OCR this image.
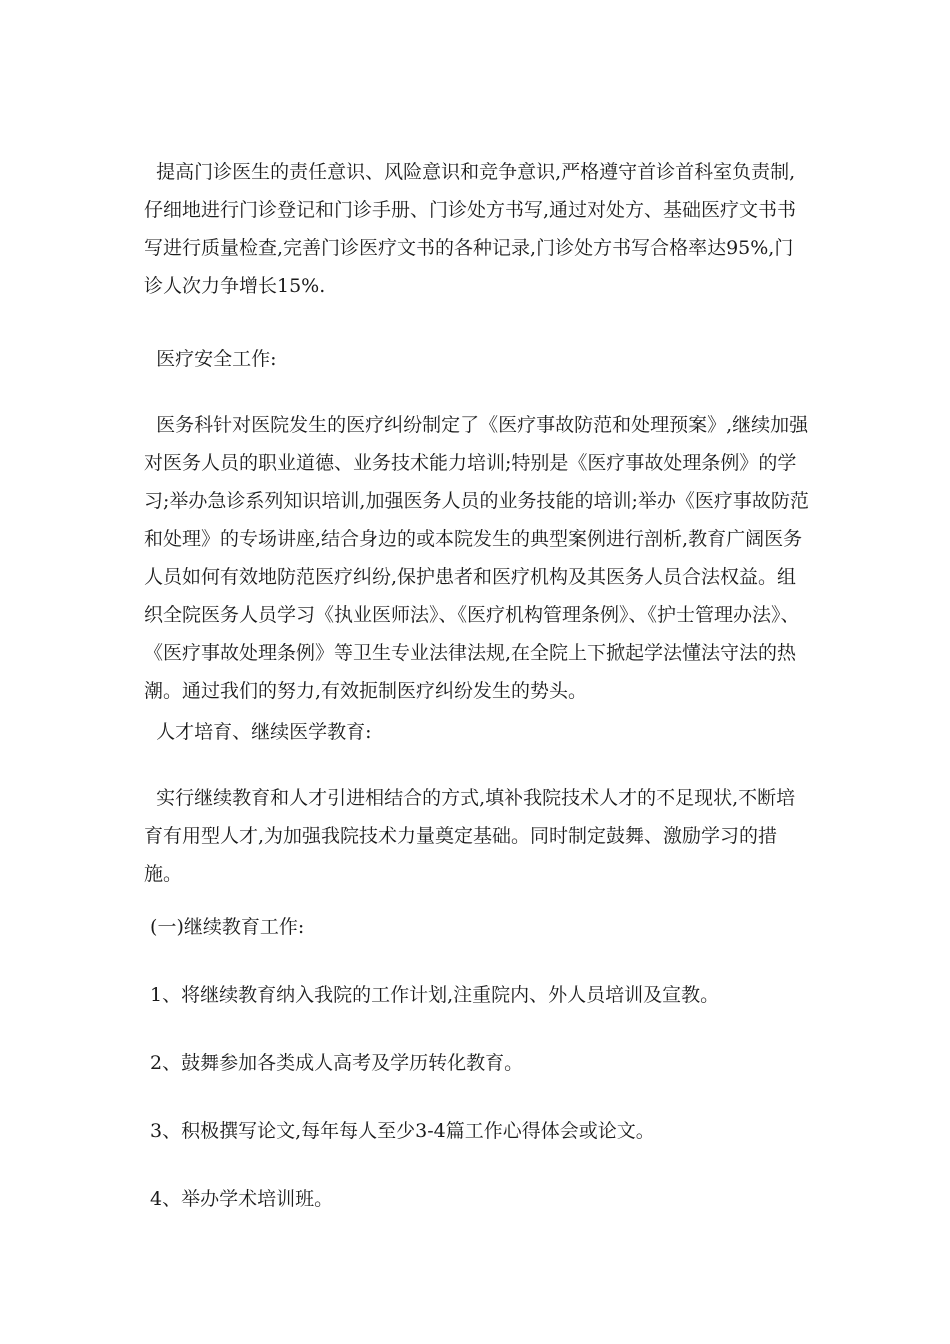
提高门诊医生的责任意识、风险意识和竞争意识,严格遵守首诊首科室负责制,仔细地进行门诊登记和门诊手册、门诊处方书写,通过对处方、基础医疗文书书写进行质量检查,完善门诊医疗文书的各种记录,门诊处方书写合格率达95%,门诊人次力争增长15%.

医疗安全工作:

医务科针对医院发生的医疗纠纷制定了《医疗事故防范和处理预案》,继续加强对医务人员的职业道德、业务技术能力培训;特别是《医疗事故处理条例》的学习;举办急诊系列知识培训,加强医务人员的业务技能的培训;举办《医疗事故防范和处理》的专场讲座,结合身边的或本院发生的典型案例进行剖析,教育广阔医务人员如何有效地防范医疗纠纷,保护患者和医疗机构及其医务人员合法权益。组织全院医务人员学习《执业医师法》、《医疗机构管理条例》、《护士管理办法》、《医疗事故处理条例》等卫生专业法律法规,在全院上下掀起学法懂法守法的热潮。通过我们的努力,有效扼制医疗纠纷发生的势头。

人才培育、继续医学教育:

实行继续教育和人才引进相结合的方式,填补我院技术人才的不足现状,不断培育有用型人才,为加强我院技术力量奠定基础。同时制定鼓舞、激励学习的措施。

(一)继续教育工作:

1、将继续教育纳入我院的工作计划,注重院内、外人员培训及宣教。

2、鼓舞参加各类成人高考及学历转化教育。

3、积极撰写论文,每年每人至少3-4篇工作心得体会或论文。

4、举办学术培训班。
